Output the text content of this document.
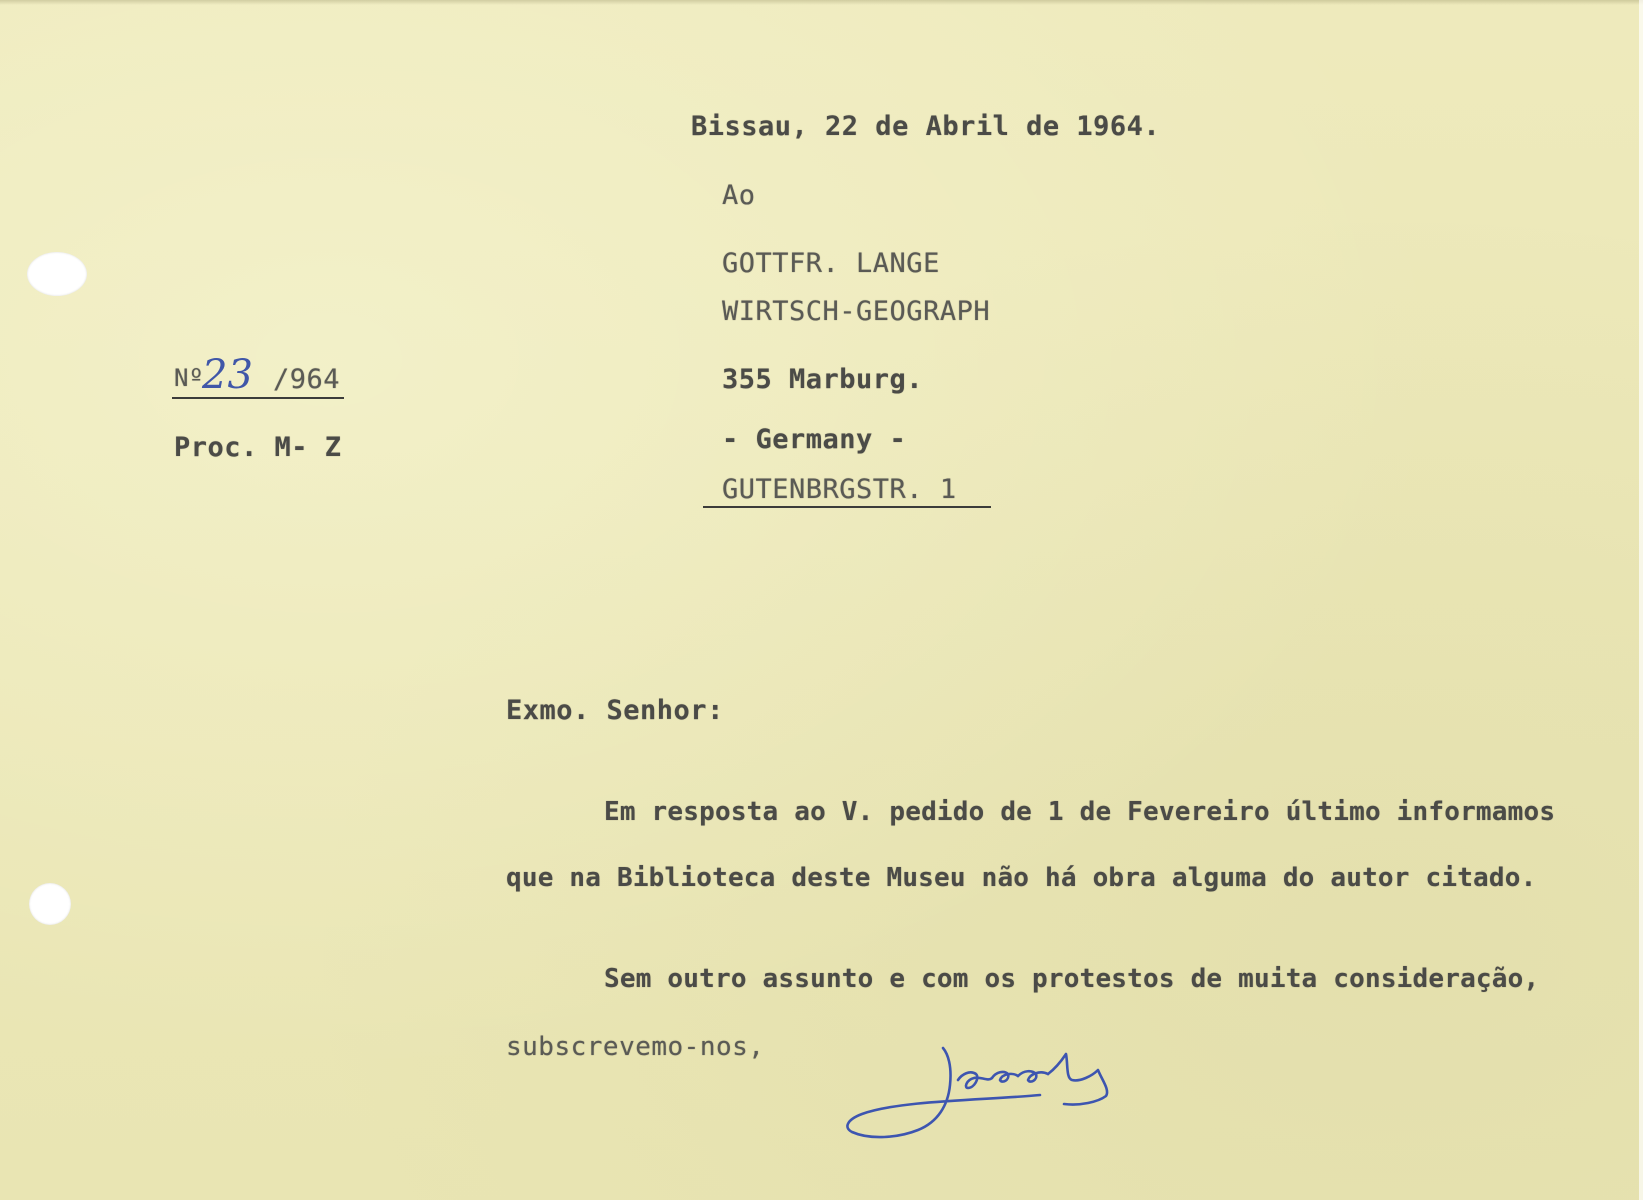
Bissau, 22 de Abril de 1964.
Ao
GOTTFR. LANGE
WIRTSCH-GEOGRAPH
355 Marburg.
- Germany -
GUTENBRGSTR. 1
Nº
23 /964
Proc. M- Z
Exmo. Senhor:
Em resposta ao V. pedido de 1 de Fevereiro último informamos
que na Biblioteca deste Museu não há obra alguma do autor citado.
Sem outro assunto e com os protestos de muita consideração,
subscrevemo-nos,
